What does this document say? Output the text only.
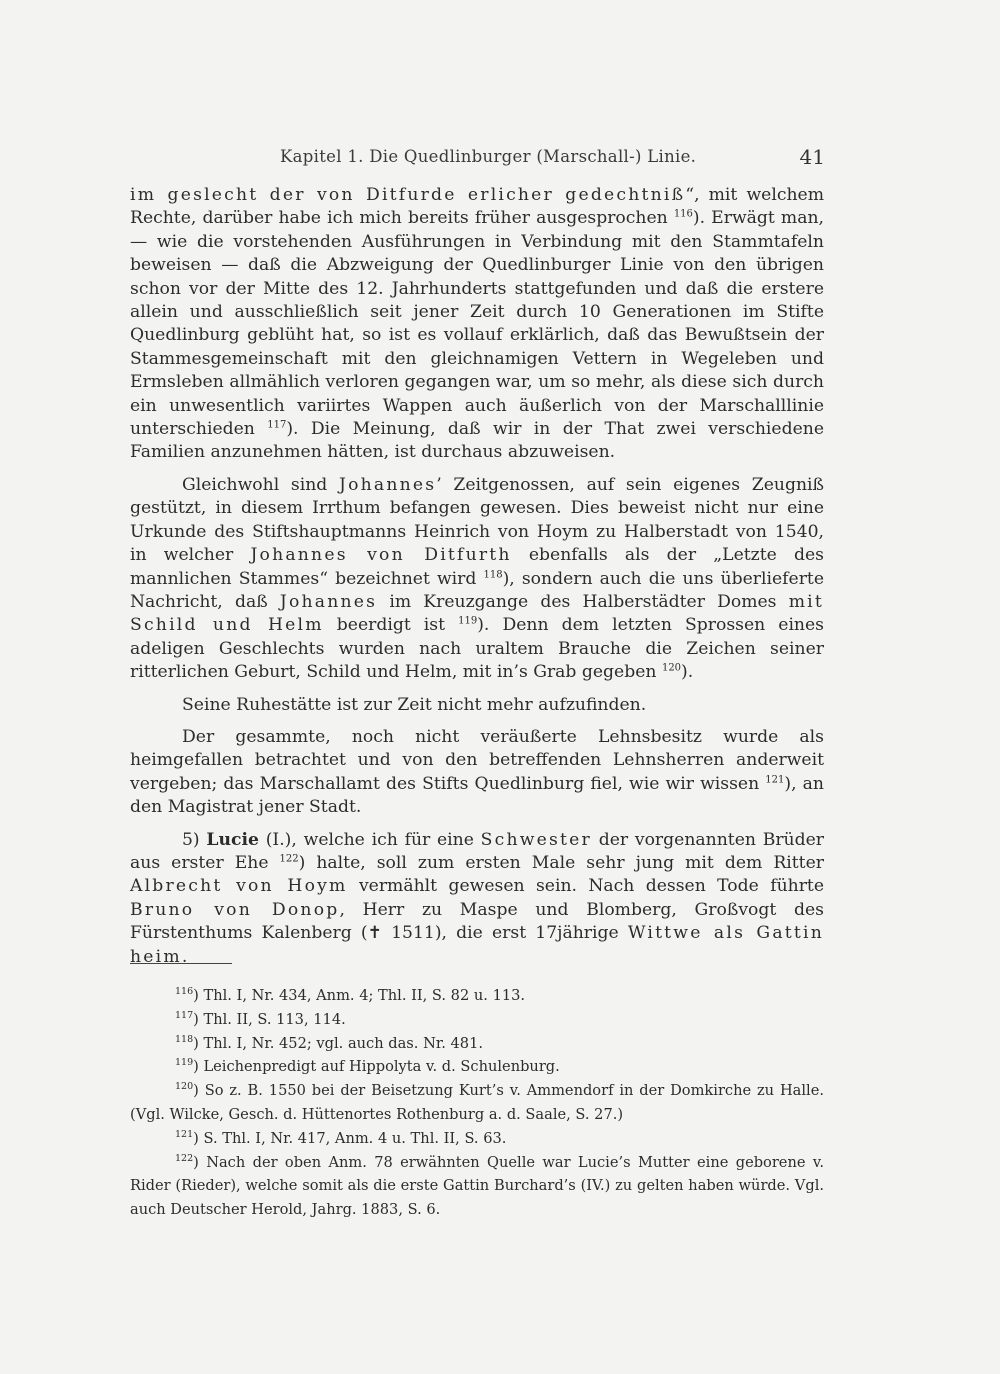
Kapitel 1. Die Quedlinburger (Marschall-) Linie.	41

im geslecht der von Ditfurde erlicher gedechtniß“, mit welchem Rechte, darüber habe ich mich bereits früher ausgesprochen $^{116}$). Erwägt man, — wie die vorstehenden Ausführungen in Verbindung mit den Stammtafeln beweisen — daß die Abzweigung der Quedlinburger Linie von den übrigen schon vor der Mitte des 12. Jahrhunderts stattgefunden und daß die erstere allein und ausschließlich seit jener Zeit durch 10 Generationen im Stifte Quedlinburg geblüht hat, so ist es vollauf erklärlich, daß das Bewußtsein der Stammesgemeinschaft mit den gleichnamigen Vettern in Wegeleben und Ermsleben allmählich verloren gegangen war, um so mehr, als diese sich durch ein unwesentlich variirtes Wappen auch äußerlich von der Marschalllinie unterschieden $^{117}$). Die Meinung, daß wir in der That zwei verschiedene Familien anzunehmen hätten, ist durchaus abzuweisen.

Gleichwohl sind Johannes’ Zeitgenossen, auf sein eigenes Zeugniß gestützt, in diesem Irrthum befangen gewesen. Dies beweist nicht nur eine Urkunde des Stiftshauptmanns Heinrich von Hoym zu Halberstadt von 1540, in welcher Johannes von Ditfurth ebenfalls als der „Letzte des mannlichen Stammes“ bezeichnet wird $^{118}$), sondern auch die uns überlieferte Nachricht, daß Johannes im Kreuzgange des Halberstädter Domes mit Schild und Helm beerdigt ist $^{119}$). Denn dem letzten Sprossen eines adeligen Geschlechts wurden nach uraltem Brauche die Zeichen seiner ritterlichen Geburt, Schild und Helm, mit in’s Grab gegeben $^{120}$).

Seine Ruhestätte ist zur Zeit nicht mehr aufzufinden.

Der gesammte, noch nicht veräußerte Lehnsbesitz wurde als heimgefallen betrachtet und von den betreffenden Lehnsherren anderweit vergeben; das Marschallamt des Stifts Quedlinburg fiel, wie wir wissen $^{121}$), an den Magistrat jener Stadt.

5) Lucie (I.), welche ich für eine Schwester der vorgenannten Brüder aus erster Ehe $^{122}$) halte, soll zum ersten Male sehr jung mit dem Ritter Albrecht von Hoym vermählt gewesen sein. Nach dessen Tode führte Bruno von Donop, Herr zu Maspe und Blomberg, Großvogt des Fürstenthums Kalenberg (✝ 1511), die erst 17jährige Wittwe als Gattin heim.

$^{116}$) Thl. I, Nr. 434, Anm. 4; Thl. II, S. 82 u. 113.

$^{117}$) Thl. II, S. 113, 114.

$^{118}$) Thl. I, Nr. 452; vgl. auch das. Nr. 481.

$^{119}$) Leichenpredigt auf Hippolyta v. d. Schulenburg.

$^{120}$) So z. B. 1550 bei der Beisetzung Kurt’s v. Ammendorf in der Domkirche zu Halle. (Vgl. Wilcke, Gesch. d. Hüttenortes Rothenburg a. d. Saale, S. 27.)

$^{121}$) S. Thl. I, Nr. 417, Anm. 4 u. Thl. II, S. 63.

$^{122}$) Nach der oben Anm. 78 erwähnten Quelle war Lucie’s Mutter eine geborene v. Rider (Rieder), welche somit als die erste Gattin Burchard’s (IV.) zu gelten haben würde. Vgl. auch Deutscher Herold, Jahrg. 1883, S. 6.
